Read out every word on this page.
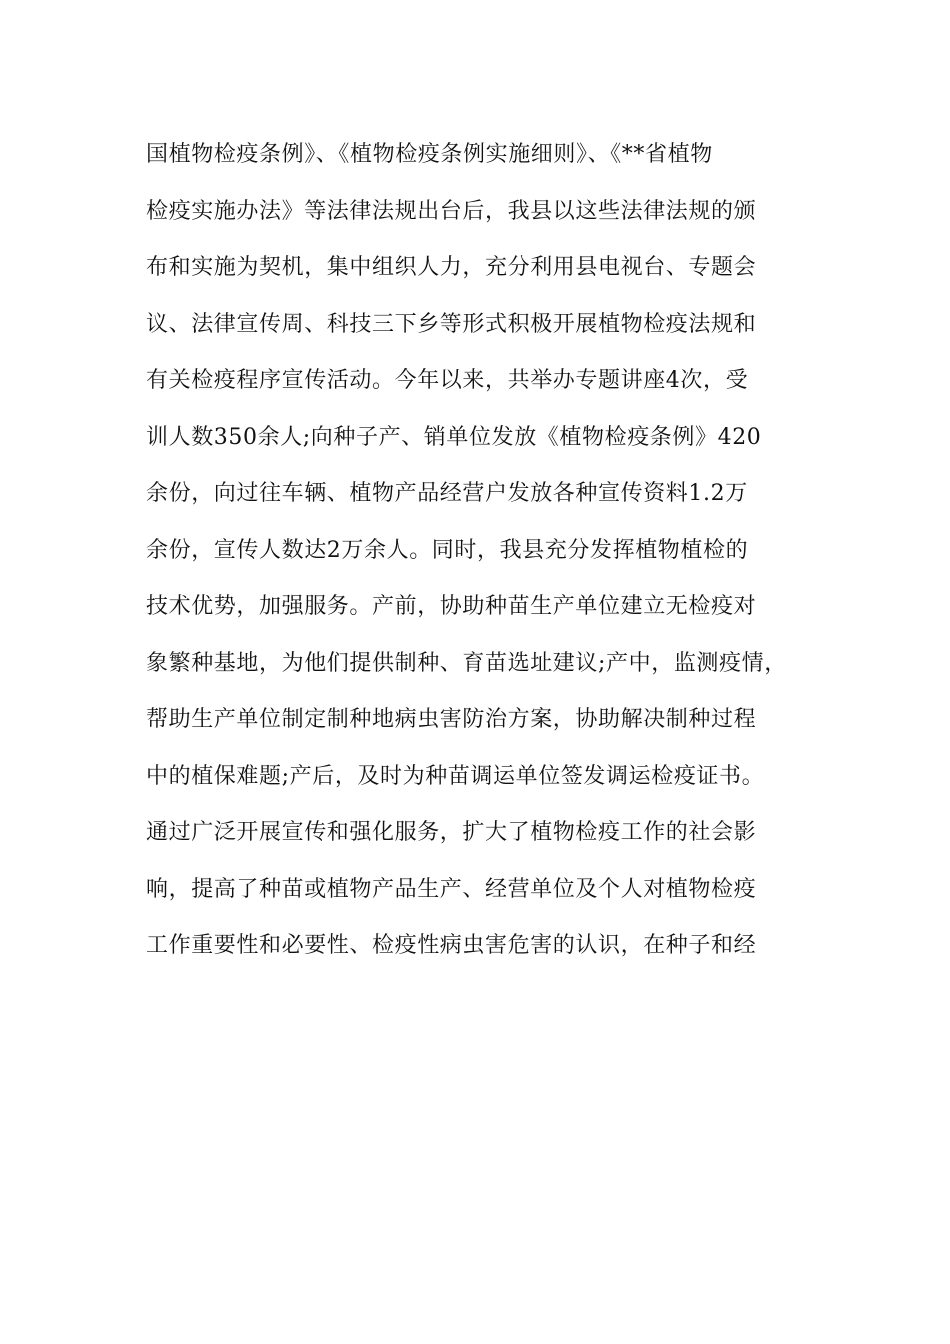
国植物检疫条例》、《植物检疫条例实施细则》、《**省植物
检疫实施办法》等法律法规出台后，我县以这些法律法规的颁
布和实施为契机，集中组织人力，充分利用县电视台、专题会
议、法律宣传周、科技三下乡等形式积极开展植物检疫法规和
有关检疫程序宣传活动。今年以来，共举办专题讲座4次，受
训人数350余人;向种子产、销单位发放《植物检疫条例》420
余份，向过往车辆、植物产品经营户发放各种宣传资料1.2万
余份，宣传人数达2万余人。同时，我县充分发挥植物植检的
技术优势，加强服务。产前，协助种苗生产单位建立无检疫对
象繁种基地，为他们提供制种、育苗选址建议;产中，监测疫情，
帮助生产单位制定制种地病虫害防治方案，协助解决制种过程
中的植保难题;产后，及时为种苗调运单位签发调运检疫证书。
通过广泛开展宣传和强化服务，扩大了植物检疫工作的社会影
响，提高了种苗或植物产品生产、经营单位及个人对植物检疫
工作重要性和必要性、检疫性病虫害危害的认识，在种子和经
